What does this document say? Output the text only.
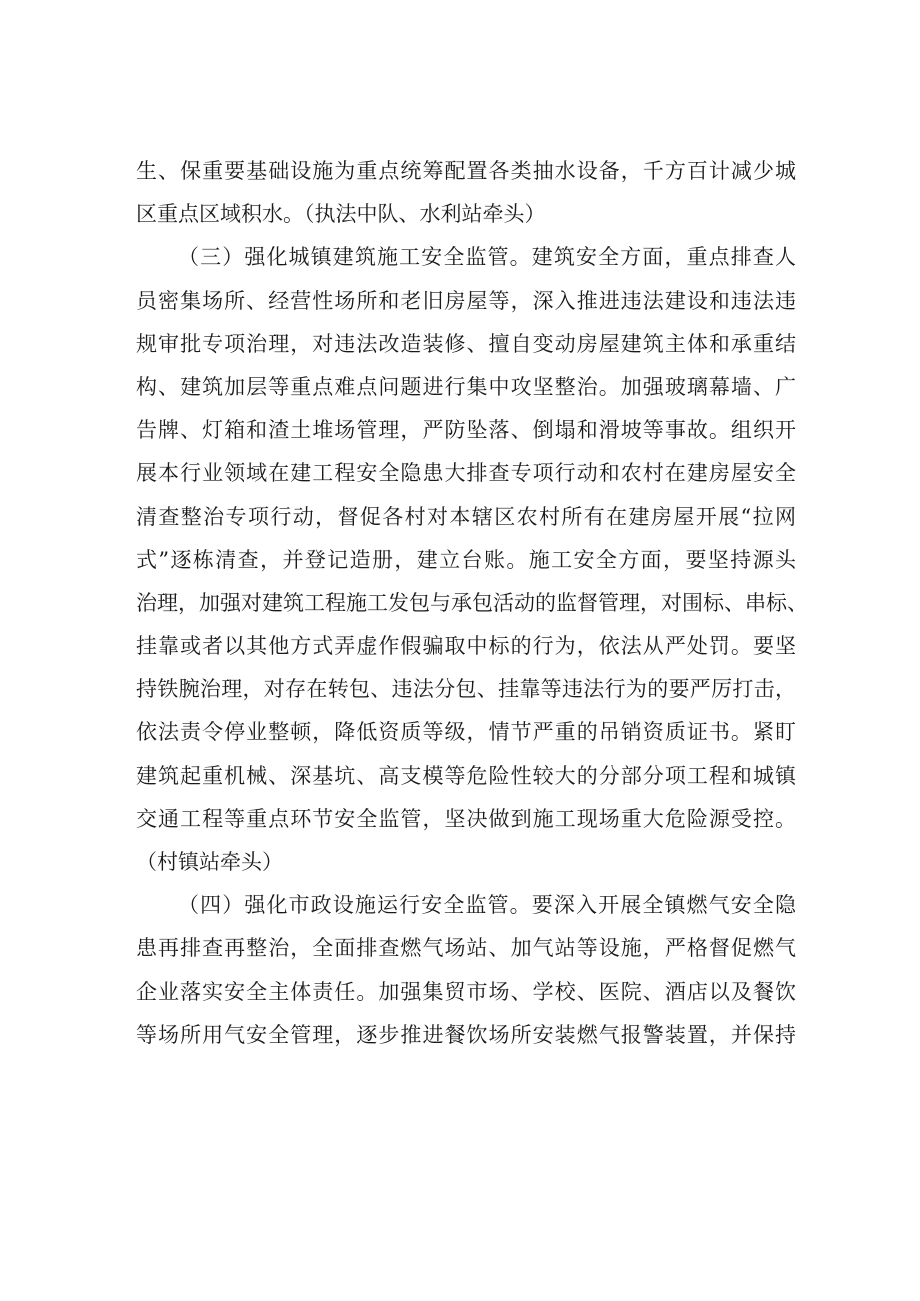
生、保重要基础设施为重点统筹配置各类抽水设备，千方百计减少城
区重点区域积水。（执法中队、水利站牵头）
（三）强化城镇建筑施工安全监管。建筑安全方面，重点排查人
员密集场所、经营性场所和老旧房屋等，深入推进违法建设和违法违
规审批专项治理，对违法改造装修、擅自变动房屋建筑主体和承重结
构、建筑加层等重点难点问题进行集中攻坚整治。加强玻璃幕墙、广
告牌、灯箱和渣土堆场管理，严防坠落、倒塌和滑坡等事故。组织开
展本行业领域在建工程安全隐患大排查专项行动和农村在建房屋安全
清查整治专项行动，督促各村对本辖区农村所有在建房屋开展“拉网
式”逐栋清查，并登记造册，建立台账。施工安全方面，要坚持源头
治理，加强对建筑工程施工发包与承包活动的监督管理，对围标、串标、
挂靠或者以其他方式弄虚作假骗取中标的行为，依法从严处罚。要坚
持铁腕治理，对存在转包、违法分包、挂靠等违法行为的要严厉打击，
依法责令停业整顿，降低资质等级，情节严重的吊销资质证书。紧盯
建筑起重机械、深基坑、高支模等危险性较大的分部分项工程和城镇
交通工程等重点环节安全监管，坚决做到施工现场重大危险源受控。
（村镇站牵头）
（四）强化市政设施运行安全监管。要深入开展全镇燃气安全隐
患再排查再整治，全面排查燃气场站、加气站等设施，严格督促燃气
企业落实安全主体责任。加强集贸市场、学校、医院、酒店以及餐饮
等场所用气安全管理，逐步推进餐饮场所安装燃气报警装置，并保持
